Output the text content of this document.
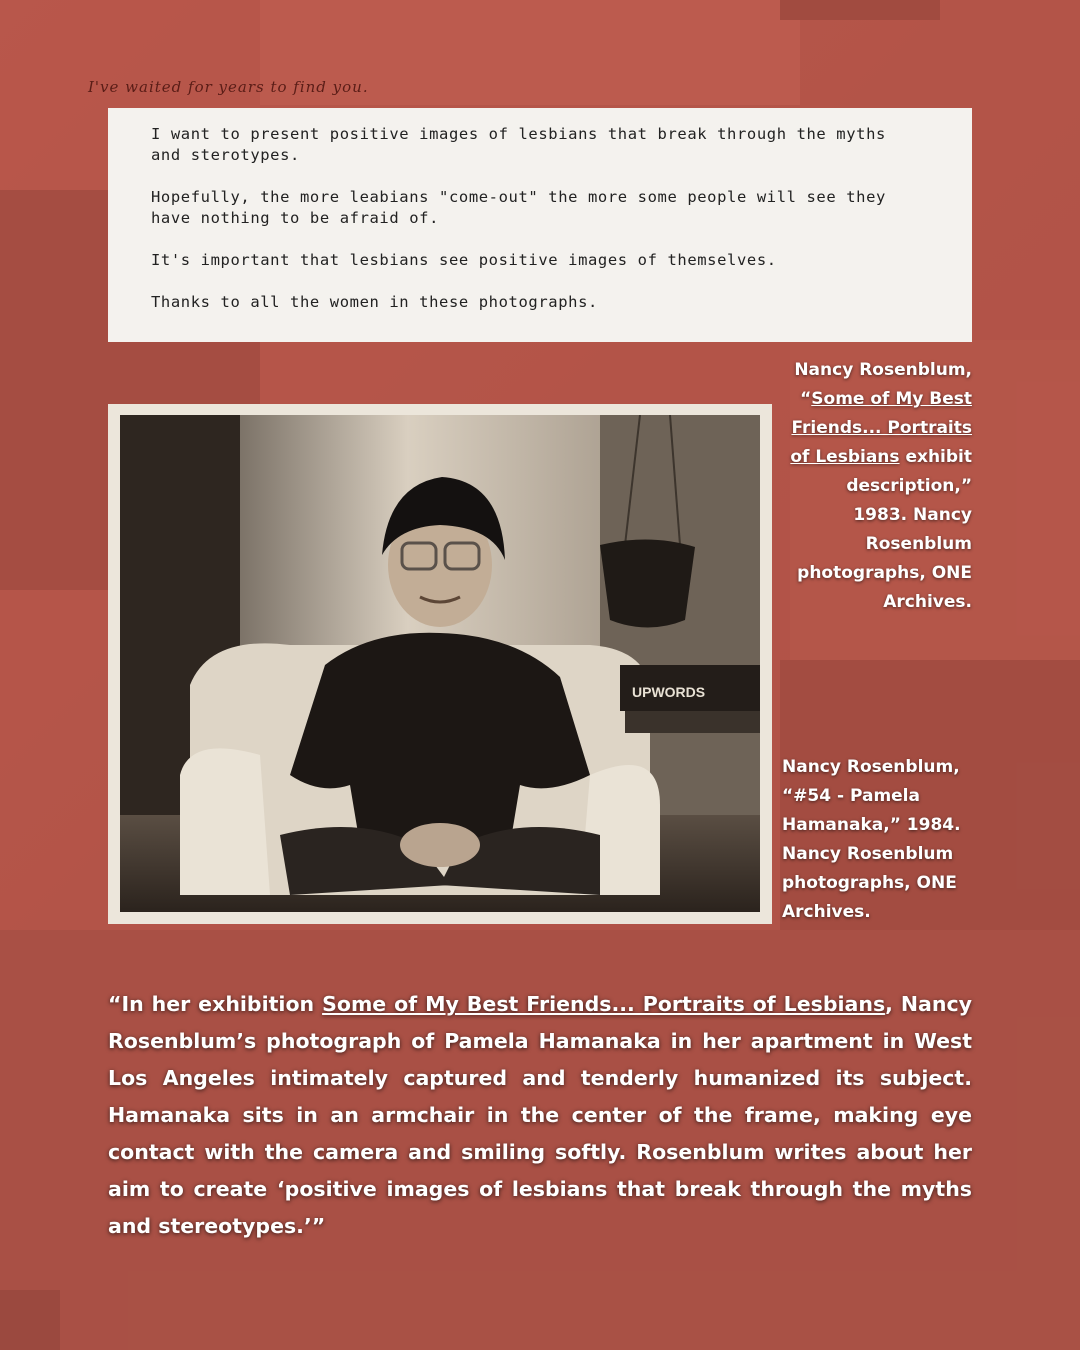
I've waited for years to find you.

I want to present positive images of lesbians that break through the myths
and sterotypes.

Hopefully, the more leabians "come-out" the more some people will see they
have nothing to be afraid of.

It's important that lesbians see positive images of themselves.

Thanks to all the women in these photographs.

UPWORDS
Nancy Rosenblum, “Some of My Best Friends... Portraits of Lesbians exhibit description,” 1983. Nancy Rosenblum photographs, ONE Archives.
Nancy Rosenblum, “#54 - Pamela Hamanaka,” 1984. Nancy Rosenblum photographs, ONE Archives.
“In her exhibition Some of My Best Friends... Portraits of Lesbians, Nancy Rosenblum’s photograph of Pamela Hamanaka in her apartment in West Los Angeles intimately captured and tenderly humanized its subject. Hamanaka sits in an armchair in the center of the frame, making eye contact with the camera and smiling softly. Rosenblum writes about her aim to create ‘positive images of lesbians that break through the myths and stereotypes.’”
